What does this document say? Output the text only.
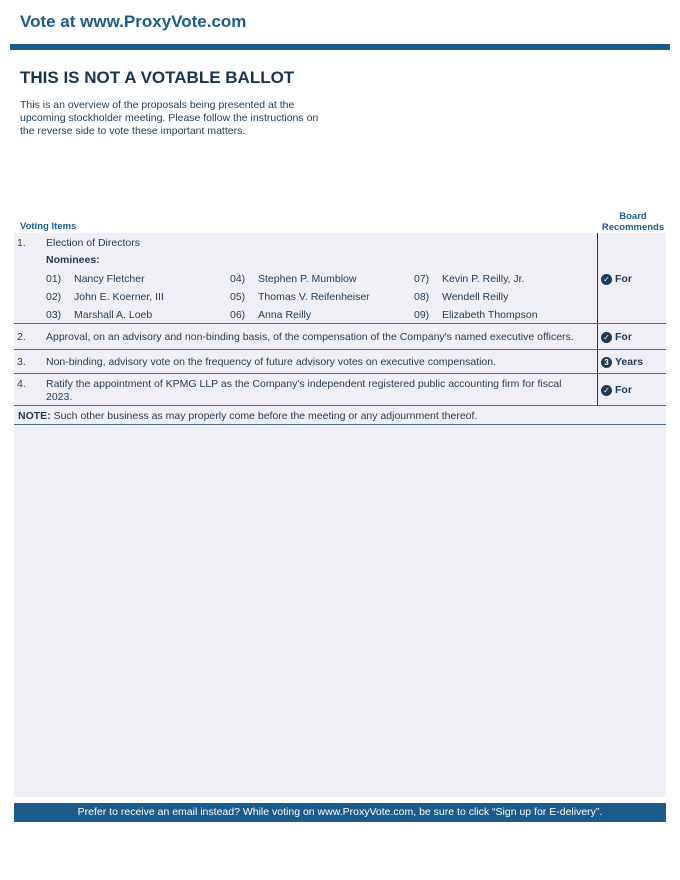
Vote at www.ProxyVote.com
THIS IS NOT A VOTABLE BALLOT
This is an overview of the proposals being presented at the
upcoming stockholder meeting. Please follow the instructions on
the reverse side to vote these important matters.
Voting Items
Board
Recommends
1. Election of Directors
Nominees:
01) Nancy Fletcher
02) John E. Koerner, III
03) Marshall A. Loeb
04) Stephen P. Mumblow
05) Thomas V. Reifenheiser
06) Anna Reilly
07) Kevin P. Reilly, Jr.
08) Wendell Reilly
09) Elizabeth Thompson
✓ For
2. Approval, on an advisory and non-binding basis, of the compensation of the Company's named executive officers.	✓ For
3. Non-binding, advisory vote on the frequency of future advisory votes on executive compensation.	3 Years
4. Ratify the appointment of KPMG LLP as the Company's independent registered public accounting firm for fiscal
2023.
✓ For
NOTE: Such other business as may properly come before the meeting or any adjournment thereof.
Prefer to receive an email instead? While voting on www.ProxyVote.com, be sure to click “Sign up for E-delivery”.
